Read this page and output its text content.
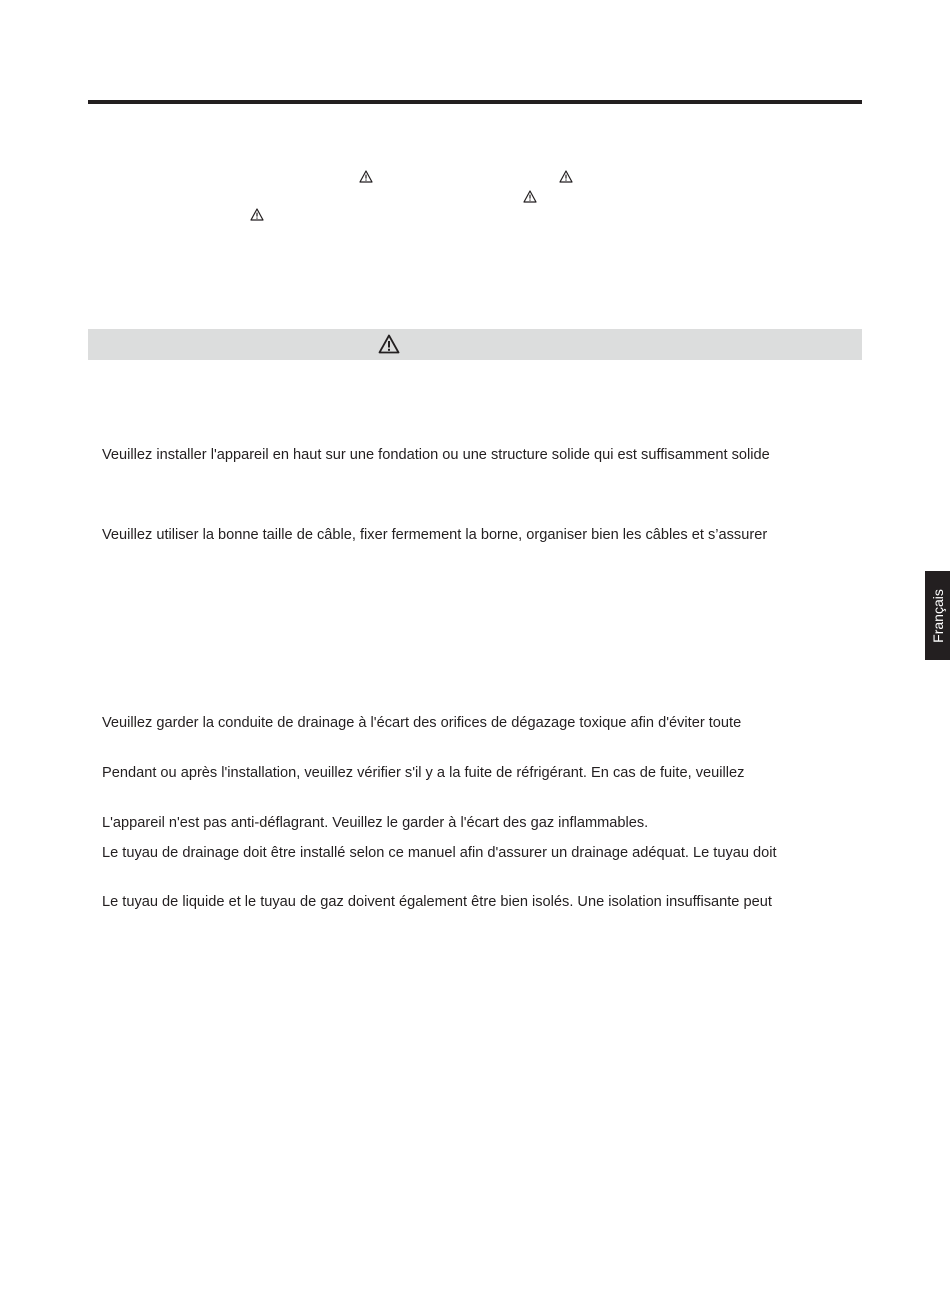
Veuillez installer l'appareil en haut sur une fondation ou une structure solide qui est suffisamment solide
Veuillez utiliser la bonne taille de câble, fixer fermement la borne, organiser bien les câbles et s’assurer
Veuillez garder la conduite de drainage à l'écart des orifices de dégazage toxique afin d'éviter toute
Pendant ou après l'installation, veuillez vérifier s'il y a la fuite de réfrigérant. En cas de fuite, veuillez
L'appareil n'est pas anti-déflagrant. Veuillez le garder à l'écart des gaz inflammables.
Le tuyau de drainage doit être installé selon ce manuel afin d'assurer un drainage adéquat. Le tuyau doit
Le tuyau de liquide et le tuyau de gaz doivent également être bien isolés. Une isolation insuffisante peut
Français
